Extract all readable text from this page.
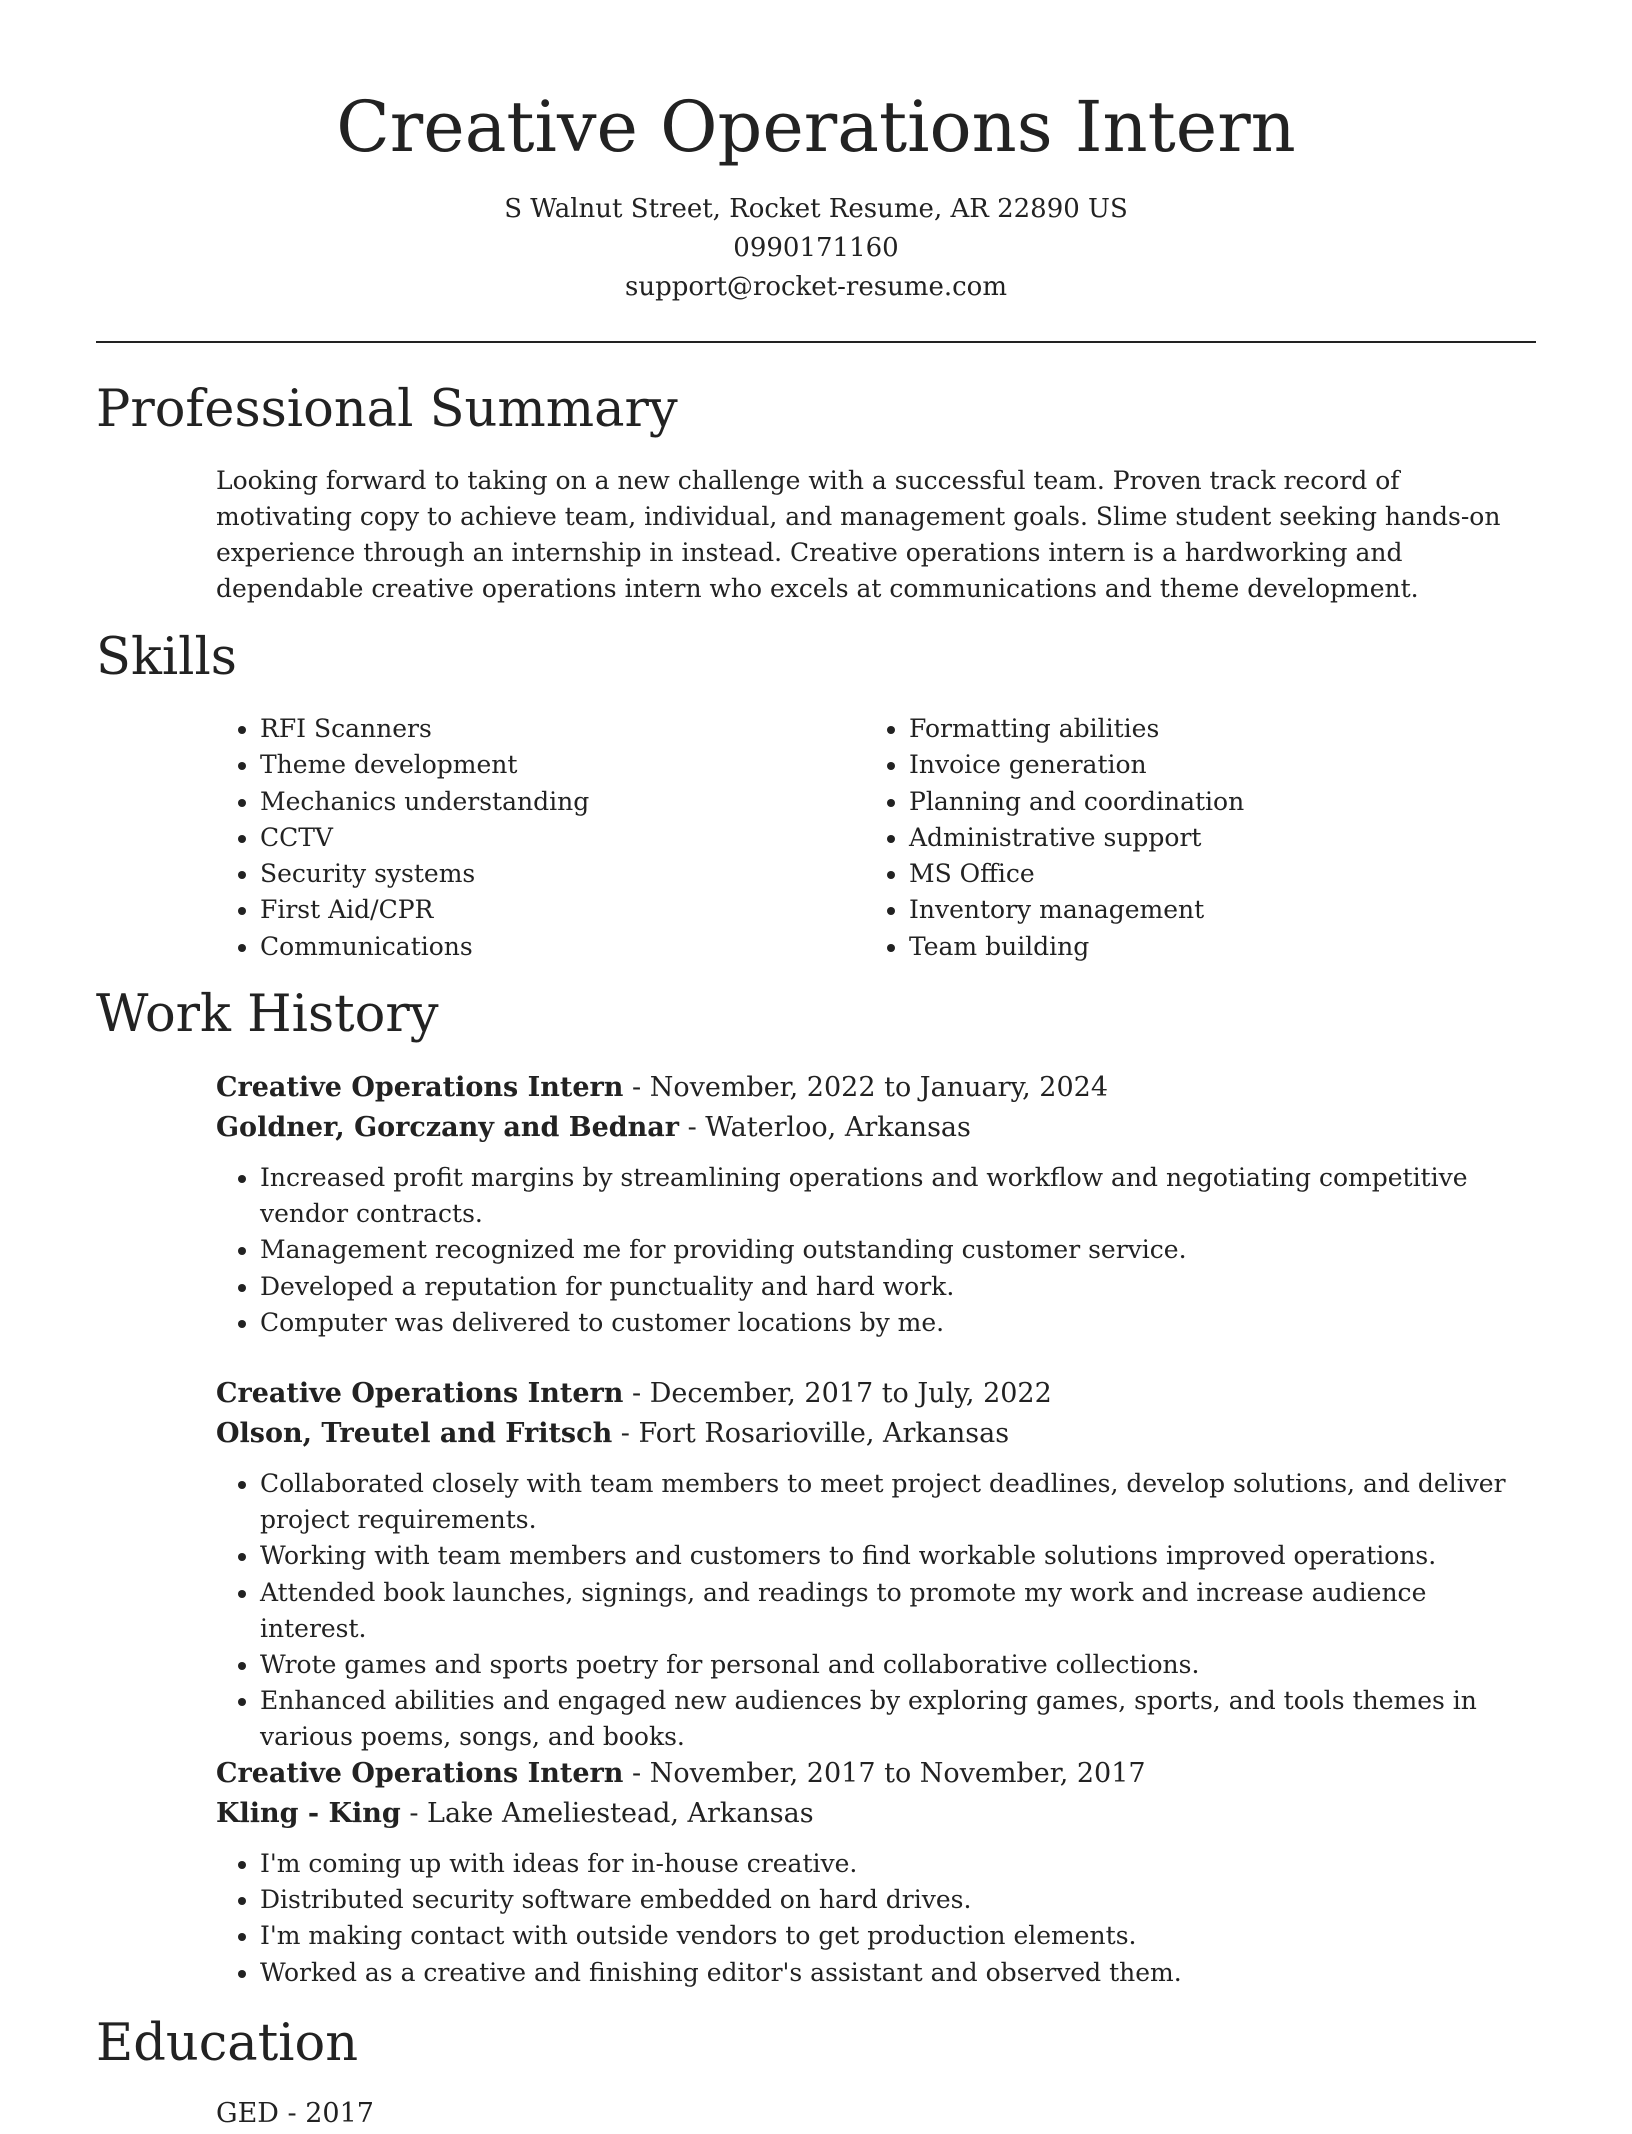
Creative Operations Intern
S Walnut Street, Rocket Resume, AR 22890 US
0990171160
support@rocket-resume.com
Professional Summary

Looking forward to taking on a new challenge with a successful team. Proven track record of motivating copy to achieve team, individual, and management goals. Slime student seeking hands-on experience through an internship in instead. Creative operations intern is a hardworking and dependable creative operations intern who excels at communications and theme development.

Skills
• RFI Scanners
• Theme development
• Mechanics understanding
• CCTV
• Security systems
• First Aid/CPR
• Communications
• Formatting abilities
• Invoice generation
• Planning and coordination
• Administrative support
• MS Office
• Inventory management
• Team building
Work History
Creative Operations Intern - November, 2022 to January, 2024
Goldner, Gorczany and Bednar - Waterloo, Arkansas
• Increased profit margins by streamlining operations and workflow and negotiating competitive vendor contracts.
• Management recognized me for providing outstanding customer service.
• Developed a reputation for punctuality and hard work.
• Computer was delivered to customer locations by me.
Creative Operations Intern - December, 2017 to July, 2022
Olson, Treutel and Fritsch - Fort Rosarioville, Arkansas
• Collaborated closely with team members to meet project deadlines, develop solutions, and deliver project requirements.
• Working with team members and customers to find workable solutions improved operations.
• Attended book launches, signings, and readings to promote my work and increase audience interest.
• Wrote games and sports poetry for personal and collaborative collections.
• Enhanced abilities and engaged new audiences by exploring games, sports, and tools themes in various poems, songs, and books.
Creative Operations Intern - November, 2017 to November, 2017
Kling - King - Lake Ameliestead, Arkansas
• I'm coming up with ideas for in-house creative.
• Distributed security software embedded on hard drives.
• I'm making contact with outside vendors to get production elements.
• Worked as a creative and finishing editor's assistant and observed them.
Education
GED - 2017
